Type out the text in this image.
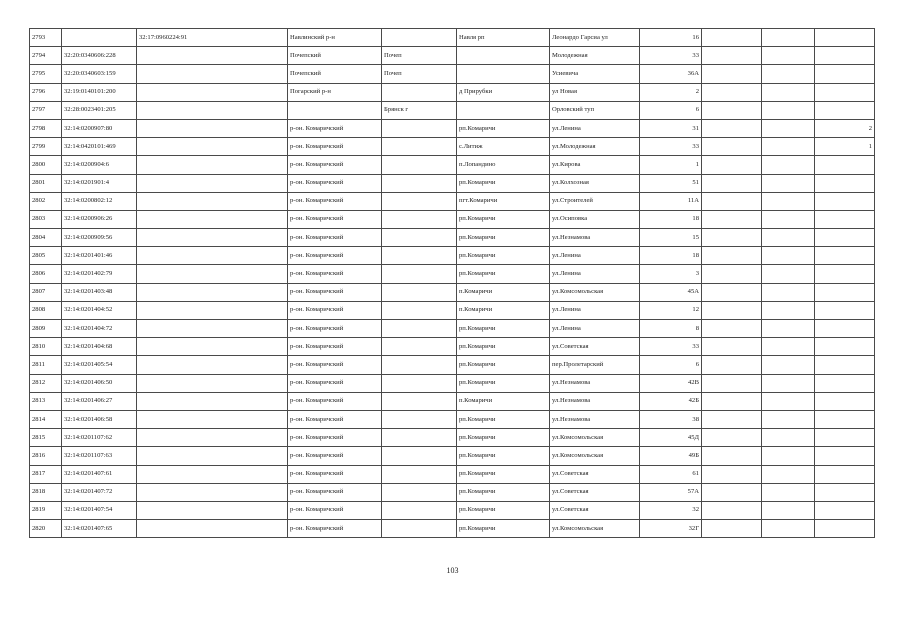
2793		32:17:0960224:91	Навлинский р-н		Навля рп	Леонардо Гарсиа ул	16			
2794	32:20:0340606:228		Почепский	Почеп		Молодежная	33			
2795	32:20:0340603:159		Почепский	Почеп		Усиевича	36А			
2796	32:19:0140101:200		Погарский р-н		д Прирубки	ул Новая	2			
2797	32:28:0023401:205			Брянск г		Орловский туп	6			
2798	32:14:0200907:80		р-он. Комаричский		рп.Комаричи	ул.Ленина	31			2
2799	32:14:0420101:469		р-он. Комаричский		с.Литиж	ул.Молодежная	33			1
2800	32:14:0200904:6		р-он. Комаричский		п.Лопандино	ул.Кирова	1			
2801	32:14:0201901:4		р-он. Комаричский		рп.Комаричи	ул.Колхозная	51			
2802	32:14:0200802:12		р-он. Комаричский		пгт.Комаричи	ул.Строителей	11А			
2803	32:14:0200906:26		р-он. Комаричский		рп.Комаричи	ул.Осиповка	18			
2804	32:14:0200909:56		р-он. Комаричский		рп.Комаричи	ул.Незнамова	15			
2805	32:14:0201401:46		р-он. Комаричский		рп.Комаричи	ул.Ленина	18			
2806	32:14:0201402:79		р-он. Комаричский		рп.Комаричи	ул.Ленина	3			
2807	32:14:0201403:48		р-он. Комаричский		п.Комаричи	ул.Комсомольская	45А			
2808	32:14:0201404:52		р-он. Комаричский		п.Комаричи	ул.Ленина	12			
2809	32:14:0201404:72		р-он. Комаричский		рп.Комаричи	ул.Ленина	8			
2810	32:14:0201404:68		р-он. Комаричский		рп.Комаричи	ул.Советская	33			
2811	32:14:0201405:54		р-он. Комаричский		рп.Комаричи	пер.Пролетарский	6			
2812	32:14:0201406:50		р-он. Комаричский		рп.Комаричи	ул.Незнамова	42В			
2813	32:14:0201406:27		р-он. Комаричский		п.Комаричи	ул.Незнамова	42Б			
2814	32:14:0201406:58		р-он. Комаричский		рп.Комаричи	ул.Незнамова	38			
2815	32:14:0201107:62		р-он. Комаричский		рп.Комаричи	ул.Комсомольская	45Д			
2816	32:14:0201107:63		р-он. Комаричский		рп.Комаричи	ул.Комсомольская	49Б			
2817	32:14:0201407:61		р-он. Комаричский		рп.Комаричи	ул.Советская	61			
2818	32:14:0201407:72		р-он. Комаричский		рп.Комаричи	ул.Советская	57А			
2819	32:14:0201407:54		р-он. Комаричский		рп.Комаричи	ул.Советская	32			
2820	32:14:0201407:65		р-он. Комаричский		рп.Комаричи	ул.Комсомольская	32Г			
103
